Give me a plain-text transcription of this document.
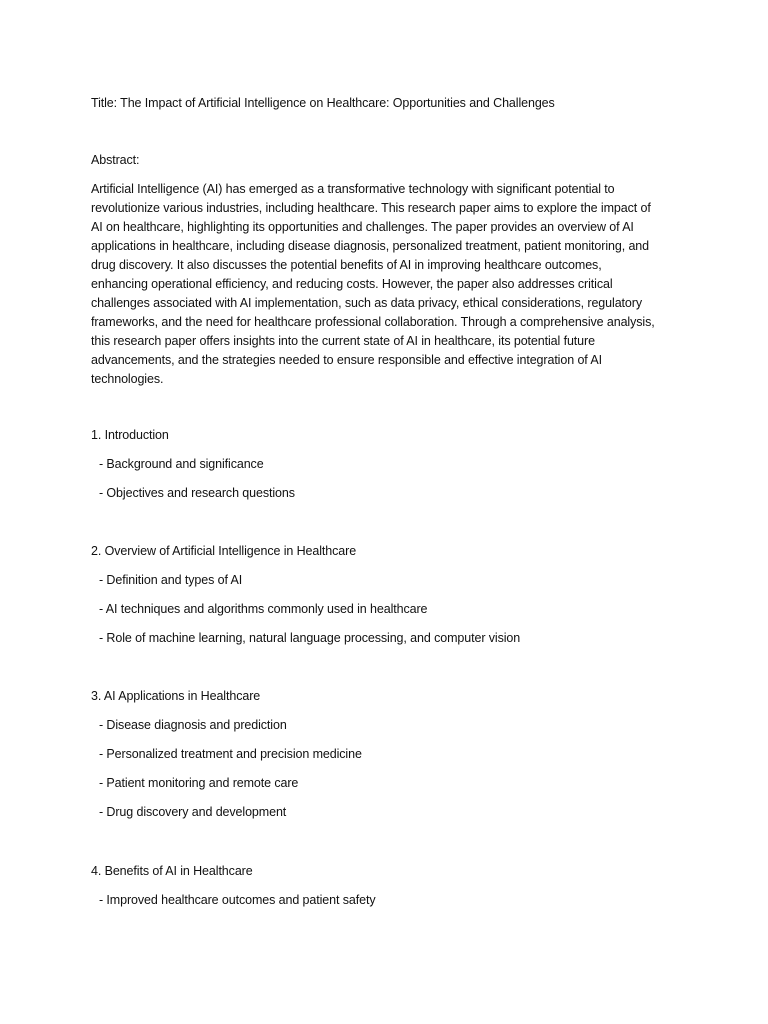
Title: The Impact of Artificial Intelligence on Healthcare: Opportunities and Challenges
Abstract:
Artificial Intelligence (AI) has emerged as a transformative technology with significant potential to
revolutionize various industries, including healthcare. This research paper aims to explore the impact of
AI on healthcare, highlighting its opportunities and challenges. The paper provides an overview of AI
applications in healthcare, including disease diagnosis, personalized treatment, patient monitoring, and
drug discovery. It also discusses the potential benefits of AI in improving healthcare outcomes,
enhancing operational efficiency, and reducing costs. However, the paper also addresses critical
challenges associated with AI implementation, such as data privacy, ethical considerations, regulatory
frameworks, and the need for healthcare professional collaboration. Through a comprehensive analysis,
this research paper offers insights into the current state of AI in healthcare, its potential future
advancements, and the strategies needed to ensure responsible and effective integration of AI
technologies.
1. Introduction
- Background and significance
- Objectives and research questions
2. Overview of Artificial Intelligence in Healthcare
- Definition and types of AI
- AI techniques and algorithms commonly used in healthcare
- Role of machine learning, natural language processing, and computer vision
3. AI Applications in Healthcare
- Disease diagnosis and prediction
- Personalized treatment and precision medicine
- Patient monitoring and remote care
- Drug discovery and development
4. Benefits of AI in Healthcare
- Improved healthcare outcomes and patient safety
